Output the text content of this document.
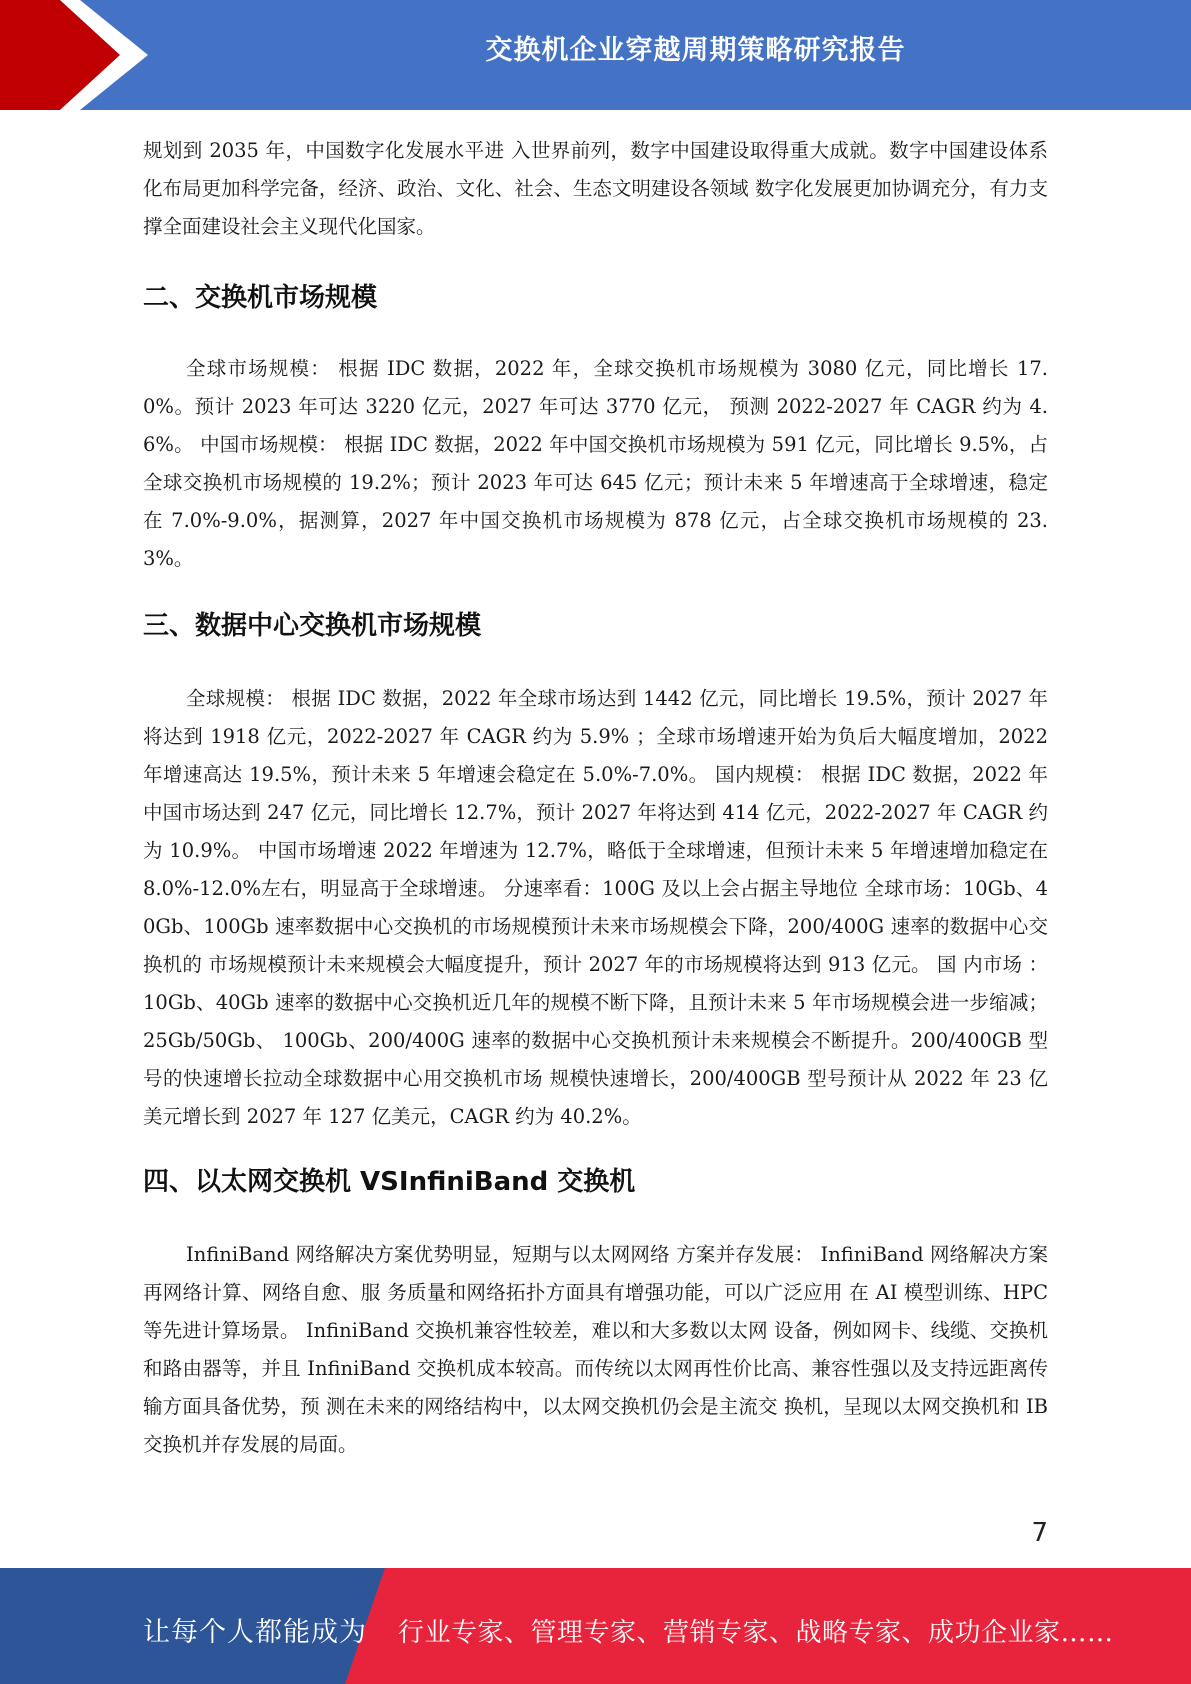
交换机企业穿越周期策略研究报告

规划到 2035 年，中国数字化发展水平进 入世界前列，数字中国建设取得重大成就。数字中国建设体系化布局更加科学完备，经济、政治、文化、社会、生态文明建设各领域 数字化发展更加协调充分，有力支撑全面建设社会主义现代化国家。

二、交换机市场规模

全球市场规模： 根据 IDC 数据，2022 年，全球交换机市场规模为 3080 亿元，同比增长 17.0%。预计 2023 年可达 3220 亿元，2027 年可达 3770 亿元， 预测 2022-2027 年 CAGR 约为 4.6%。 中国市场规模： 根据 IDC 数据，2022 年中国交换机市场规模为 591 亿元，同比增长 9.5%，占全球交换机市场规模的 19.2%；预计 2023 年可达 645 亿元；预计未来 5 年增速高于全球增速，稳定在 7.0%-9.0%，据测算，2027 年中国交换机市场规模为 878 亿元，占全球交换机市场规模的 23.3%。

三、数据中心交换机市场规模

全球规模： 根据 IDC 数据，2022 年全球市场达到 1442 亿元，同比增长 19.5%，预计 2027 年将达到 1918 亿元，2022-2027 年 CAGR 约为 5.9% ；全球市场增速开始为负后大幅度增加，2022 年增速高达 19.5%，预计未来 5 年增速会稳定在 5.0%-7.0%。 国内规模： 根据 IDC 数据，2022 年中国市场达到 247 亿元，同比增长 12.7%，预计 2027 年将达到 414 亿元，2022-2027 年 CAGR 约为 10.9%。 中国市场增速 2022 年增速为 12.7%，略低于全球增速，但预计未来 5 年增速增加稳定在 8.0%-12.0%左右，明显高于全球增速。 分速率看：100G 及以上会占据主导地位 全球市场：10Gb、40Gb、100Gb 速率数据中心交换机的市场规模预计未来市场规模会下降，200/400G 速率的数据中心交换机的 市场规模预计未来规模会大幅度提升，预计 2027 年的市场规模将达到 913 亿元。 国 内市场 ： 10Gb、40Gb 速率的数据中心交换机近几年的规模不断下降，且预计未来 5 年市场规模会进一步缩减；25Gb/50Gb、 100Gb、200/400G 速率的数据中心交换机预计未来规模会不断提升。200/400GB 型号的快速增长拉动全球数据中心用交换机市场 规模快速增长，200/400GB 型号预计从 2022 年 23 亿美元增长到 2027 年 127 亿美元，CAGR 约为 40.2%。

四、以太网交换机 VSInfiniBand 交换机

InfiniBand 网络解决方案优势明显，短期与以太网网络 方案并存发展： InfiniBand 网络解决方案再网络计算、网络自愈、服 务质量和网络拓扑方面具有增强功能，可以广泛应用 在 AI 模型训练、HPC 等先进计算场景。 InfiniBand 交换机兼容性较差，难以和大多数以太网 设备，例如网卡、线缆、交换机和路由器等，并且 InfiniBand 交换机成本较高。而传统以太网再性价比高、兼容性强以及支持远距离传输方面具备优势，预 测在未来的网络结构中，以太网交换机仍会是主流交 换机，呈现以太网交换机和 IB 交换机并存发展的局面。

7
让每个人都能成为 行业专家、管理专家、营销专家、战略专家、成功企业家……
